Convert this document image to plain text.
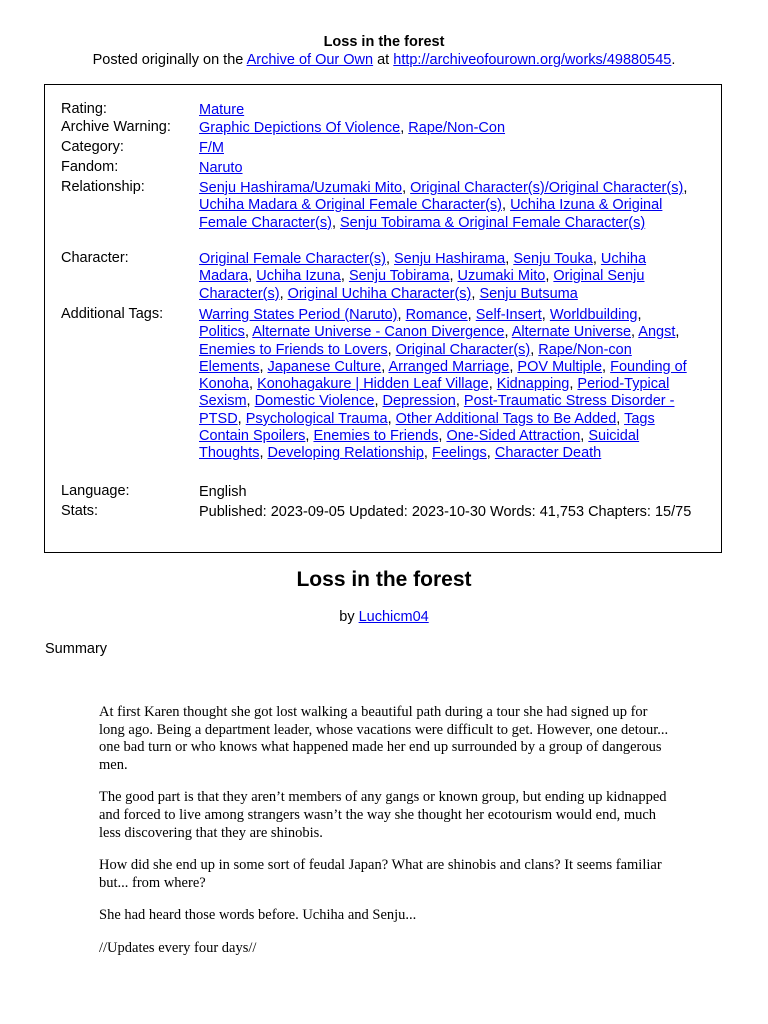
Loss in the forest
Posted originally on the Archive of Our Own at http://archiveofourown.org/works/49880545.
Rating:	Mature
Archive Warning:	Graphic Depictions Of Violence, Rape/Non-Con
Category:	F/M
Fandom:	Naruto
Relationship:	Senju Hashirama/Uzumaki Mito, Original Character(s)/Original Character(s), Uchiha Madara & Original Female Character(s), Uchiha Izuna & Original Female Character(s), Senju Tobirama & Original Female Character(s)
Character:	Original Female Character(s), Senju Hashirama, Senju Touka, Uchiha Madara, Uchiha Izuna, Senju Tobirama, Uzumaki Mito, Original Senju Character(s), Original Uchiha Character(s), Senju Butsuma
Additional Tags:	Warring States Period (Naruto), Romance, Self-Insert, Worldbuilding, Politics, Alternate Universe - Canon Divergence, Alternate Universe, Angst, Enemies to Friends to Lovers, Original Character(s), Rape/Non-con Elements, Japanese Culture, Arranged Marriage, POV Multiple, Founding of Konoha, Konohagakure | Hidden Leaf Village, Kidnapping, Period-Typical Sexism, Domestic Violence, Depression, Post-Traumatic Stress Disorder - PTSD, Psychological Trauma, Other Additional Tags to Be Added, Tags Contain Spoilers, Enemies to Friends, One-Sided Attraction, Suicidal Thoughts, Developing Relationship, Feelings, Character Death
Language:	English
Stats:	Published: 2023-09-05 Updated: 2023-10-30 Words: 41,753 Chapters: 15/75
Loss in the forest
by Luchicm04
Summary

At first Karen thought she got lost walking a beautiful path during a tour she had signed up for long ago. Being a department leader, whose vacations were difficult to get. However, one detour... one bad turn or who knows what happened made her end up surrounded by a group of dangerous men.

The good part is that they aren’t members of any gangs or known group, but ending up kidnapped and forced to live among strangers wasn’t the way she thought her ecotourism would end, much less discovering that they are shinobis.

How did she end up in some sort of feudal Japan? What are shinobis and clans? It seems familiar but... from where?

She had heard those words before. Uchiha and Senju...

//Updates every four days//
